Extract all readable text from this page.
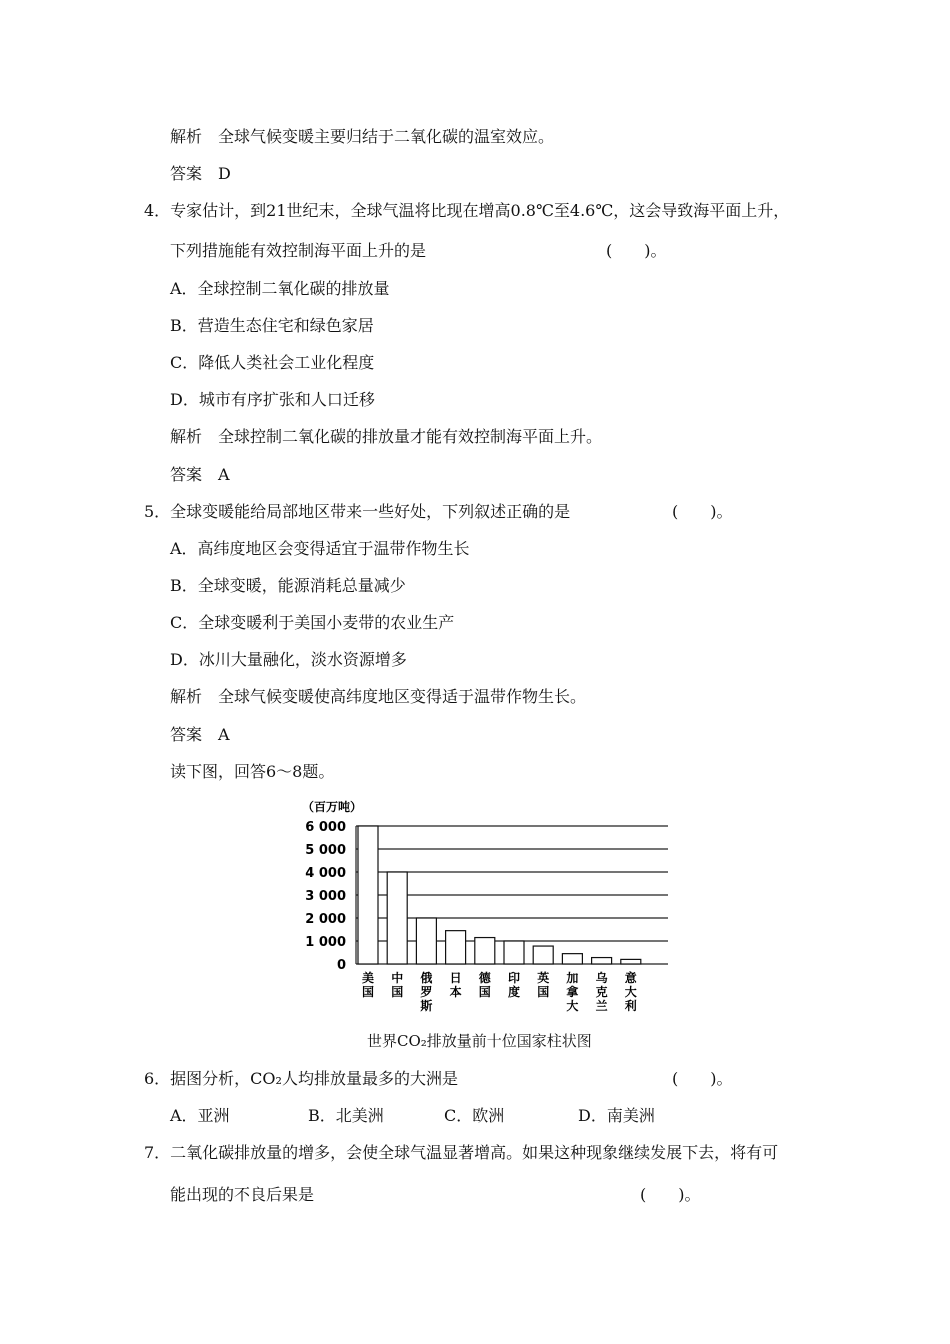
解析　全球气候变暖主要归结于二氧化碳的温室效应。
答案　D
4．专家估计，到21世纪末，全球气温将比现在增高0.8℃至4.6℃，这会导致海平面上升，
下列措施能有效控制海平面上升的是	(　　)。
A．全球控制二氧化碳的排放量
B．营造生态住宅和绿色家居
C．降低人类社会工业化程度
D．城市有序扩张和人口迁移
解析　全球控制二氧化碳的排放量才能有效控制海平面上升。
答案　A
5．全球变暖能给局部地区带来一些好处，下列叙述正确的是	(　　)。
A．高纬度地区会变得适宜于温带作物生长
B．全球变暖，能源消耗总量减少
C．全球变暖利于美国小麦带的农业生产
D．冰川大量融化，淡水资源增多
解析　全球气候变暖使高纬度地区变得适于温带作物生长。
答案　A
读下图，回答6～8题。
（百万吨）
6 000
5 000
4 000
3 000
2 000
1 000
0
美国
中国
俄罗斯
日本
德国
印度
英国
加拿大
乌克兰
意大利
世界CO₂排放量前十位国家柱状图
6．据图分析，CO₂人均排放量最多的大洲是	(　　)。
A．亚洲	B．北美洲	C．欧洲	D．南美洲
7．二氧化碳排放量的增多，会使全球气温显著增高。如果这种现象继续发展下去，将有可
能出现的不良后果是	(　　)。
